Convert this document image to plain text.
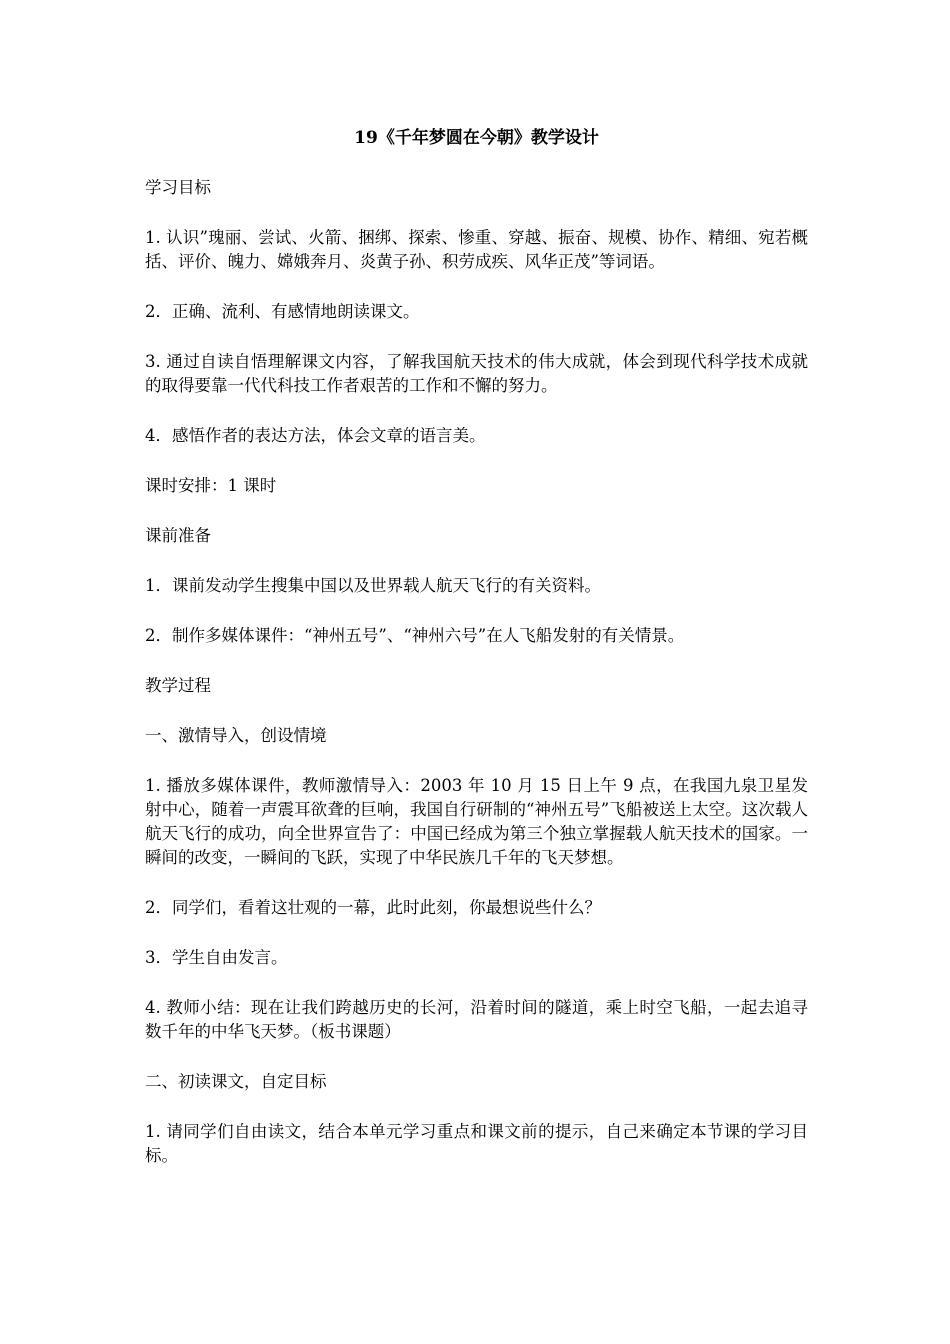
19《千年梦圆在今朝》教学设计

学习目标

1. 认识”瑰丽、尝试、火箭、捆绑、探索、惨重、穿越、振奋、规模、协作、精细、宛若概括、评价、魄力、嫦娥奔月、炎黄子孙、积劳成疾、风华正茂”等词语。

2．正确、流利、有感情地朗读课文。

3. 通过自读自悟理解课文内容，了解我国航天技术的伟大成就，体会到现代科学技术成就的取得要靠一代代科技工作者艰苦的工作和不懈的努力。

4．感悟作者的表达方法，体会文章的语言美。

课时安排：1 课时

课前准备

1．课前发动学生搜集中国以及世界载人航天飞行的有关资料。

2．制作多媒体课件：“神州五号”、“神州六号”在人飞船发射的有关情景。

教学过程

一、激情导入，创设情境

1. 播放多媒体课件，教师激情导入：2003 年 10 月 15 日上午 9 点，在我国九泉卫星发射中心，随着一声震耳欲聋的巨响，我国自行研制的“神州五号”飞船被送上太空。这次载人航天飞行的成功，向全世界宣告了：中国已经成为第三个独立掌握载人航天技术的国家。一瞬间的改变，一瞬间的飞跃，实现了中华民族几千年的飞天梦想。

2．同学们，看着这壮观的一幕，此时此刻，你最想说些什么？

3．学生自由发言。

4. 教师小结：现在让我们跨越历史的长河，沿着时间的隧道，乘上时空飞船，一起去追寻数千年的中华飞天梦。（板书课题）

二、初读课文，自定目标

1. 请同学们自由读文，结合本单元学习重点和课文前的提示，自己来确定本节课的学习目标。
